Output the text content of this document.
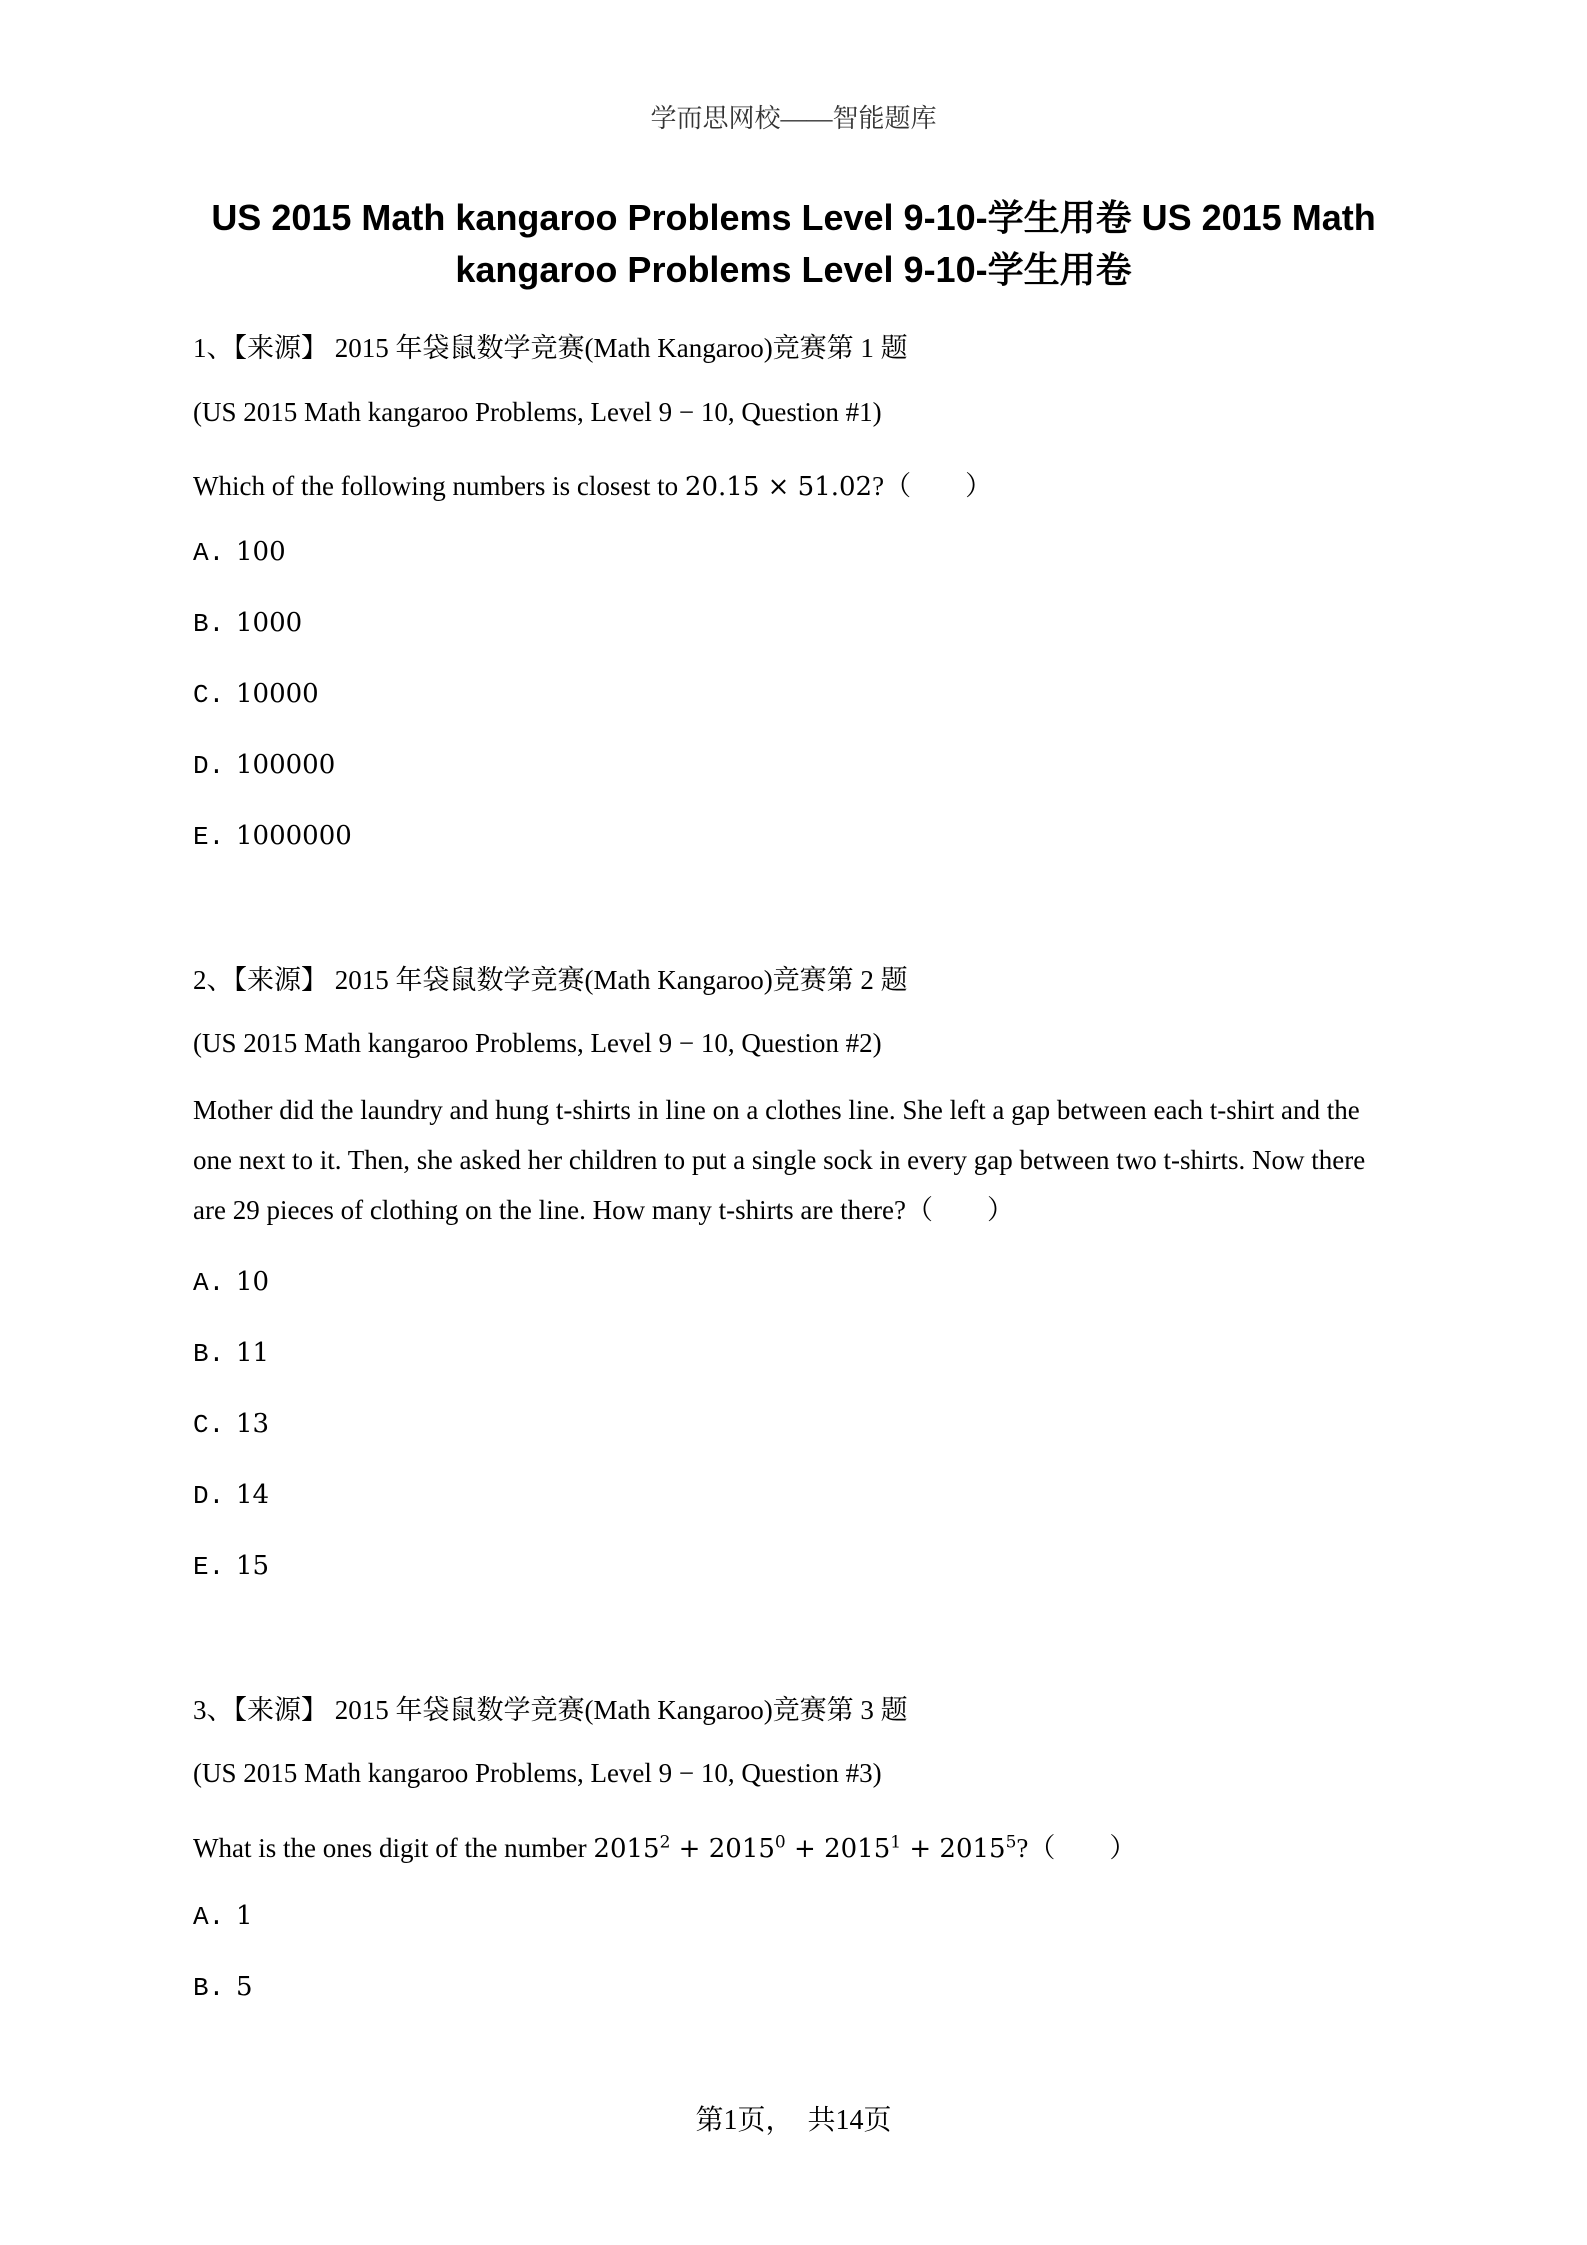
学而思网校——智能题库
US 2015 Math kangaroo Problems Level 9-10-学生用卷 US 2015 Math kangaroo Problems Level 9-10-学生用卷
1、【来源】 2015 年袋鼠数学竞赛(Math Kangaroo)竞赛第 1 题
(US 2015 Math kangaroo Problems, Level 9 − 10, Question #1)
Which of the following numbers is closest to 20.15 × 51.02?（　　）
A. 100
B. 1000
C. 10000
D. 100000
E. 1000000
2、【来源】 2015 年袋鼠数学竞赛(Math Kangaroo)竞赛第 2 题
(US 2015 Math kangaroo Problems, Level 9 − 10, Question #2)
Mother did the laundry and hung t-shirts in line on a clothes line. She left a gap between each t-shirt and the one next to it. Then, she asked her children to put a single sock in every gap between two t-shirts. Now there are 29 pieces of clothing on the line. How many t-shirts are there?（　　）
A. 10
B. 11
C. 13
D. 14
E. 15
3、【来源】 2015 年袋鼠数学竞赛(Math Kangaroo)竞赛第 3 题
(US 2015 Math kangaroo Problems, Level 9 − 10, Question #3)
What is the ones digit of the number $2015^2 + 2015^0 + 2015^1$ + $2015^5$?（　　）
A. 1
B. 5
第1页，　共14页
